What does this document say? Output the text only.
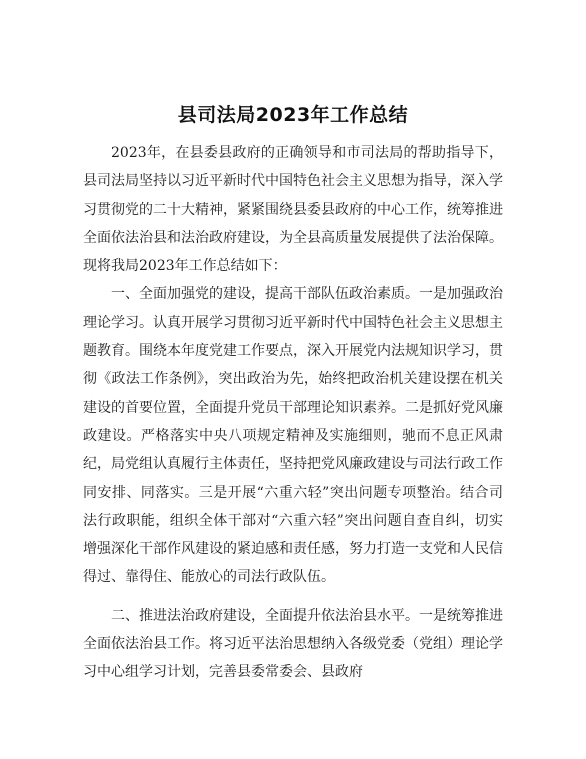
县司法局2023年工作总结

2023年，在县委县政府的正确领导和市司法局的帮助指导下，县司法局坚持以习近平新时代中国特色社会主义思想为指导，深入学习贯彻党的二十大精神，紧紧围绕县委县政府的中心工作，统筹推进全面依法治县和法治政府建设，为全县高质量发展提供了法治保障。现将我局2023年工作总结如下：

一、全面加强党的建设，提高干部队伍政治素质。一是加强政治理论学习。认真开展学习贯彻习近平新时代中国特色社会主义思想主题教育。围绕本年度党建工作要点，深入开展党内法规知识学习，贯彻《政法工作条例》，突出政治为先，始终把政治机关建设摆在机关建设的首要位置，全面提升党员干部理论知识素养。二是抓好党风廉政建设。严格落实中央八项规定精神及实施细则，驰而不息正风肃纪，局党组认真履行主体责任，坚持把党风廉政建设与司法行政工作同安排、同落实。三是开展“六重六轻”突出问题专项整治。结合司法行政职能，组织全体干部对“六重六轻”突出问题自查自纠，切实增强深化干部作风建设的紧迫感和责任感，努力打造一支党和人民信得过、靠得住、能放心的司法行政队伍。

二、推进法治政府建设，全面提升依法治县水平。一是统筹推进全面依法治县工作。将习近平法治思想纳入各级党委（党组）理论学习中心组学习计划，完善县委常委会、县政府
